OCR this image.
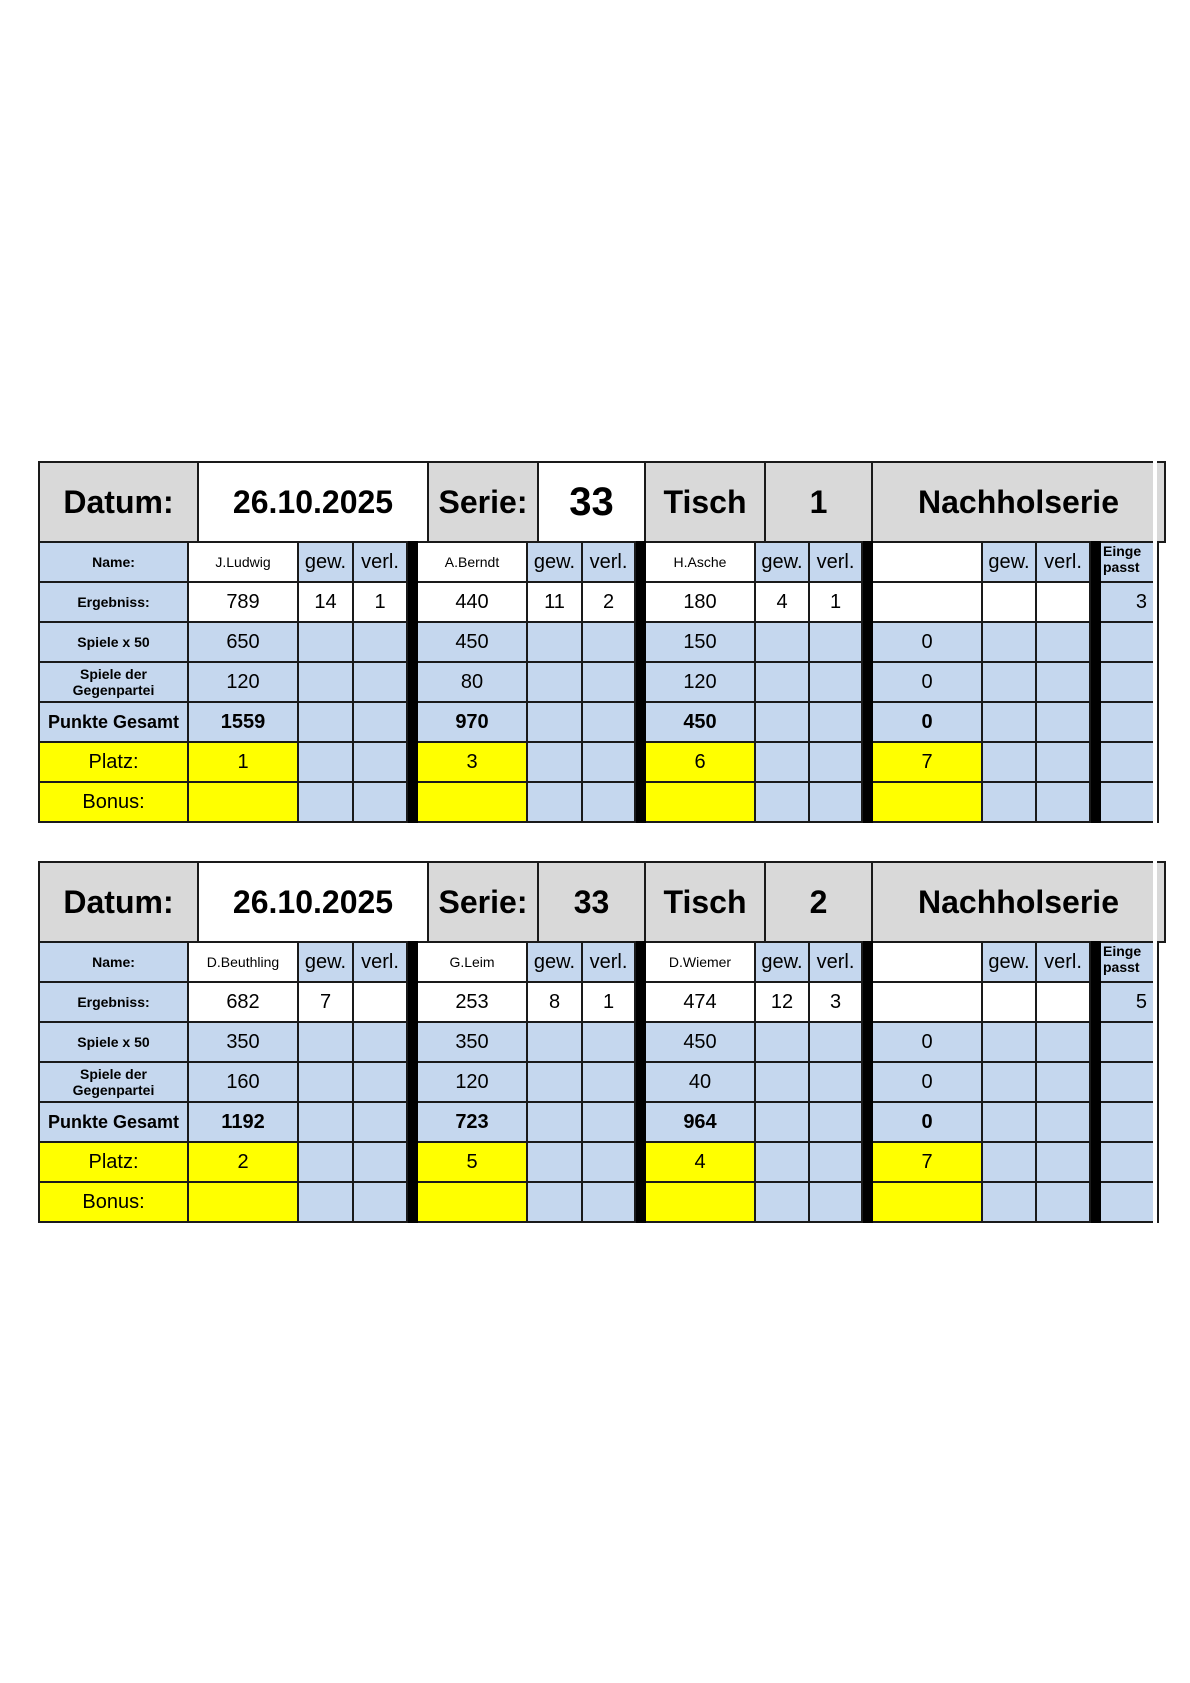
Datum:	26.10.2025	Serie:	33	Tisch	1	Nachholserie
Name:	J.Ludwig	gew.	verl.		A.Berndt	gew.	verl.		H.Asche	gew.	verl.			gew.	verl.		Einge
passt

Ergebniss:	789	14	1		440	11	2		180	4	1						3
Spiele x 50	650				450				150				0				

Spiele der
Gegenpartei	120				80				120				0				
Punkte Gesamt	1559				970				450				0				
Platz:	1				3				6				7				
Bonus:																	
Datum:	26.10.2025	Serie:	33	Tisch	2	Nachholserie
Name:	D.Beuthling	gew.	verl.		G.Leim	gew.	verl.		D.Wiemer	gew.	verl.			gew.	verl.		Einge
passt

Ergebniss:	682	7			253	8	1		474	12	3						5
Spiele x 50	350				350				450				0				

Spiele der
Gegenpartei	160				120				40				0				
Punkte Gesamt	1192				723				964				0				
Platz:	2				5				4				7				
Bonus:																	
